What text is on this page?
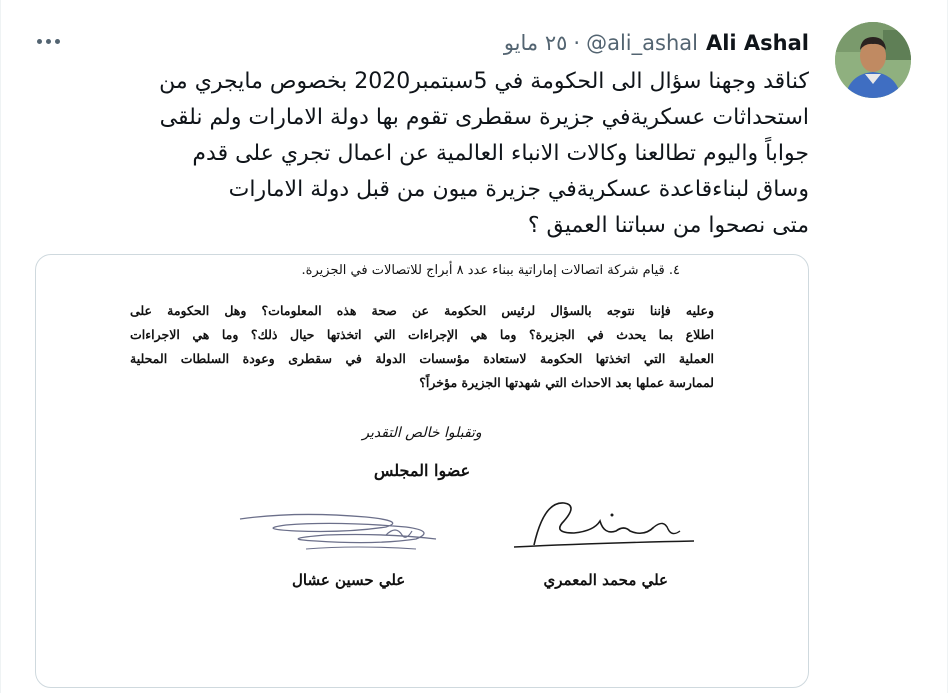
Ali Ashal
@ali_ashal
·
٢٥ مايو
كناقد وجهنا سؤال الى الحكومة في 5سبتمبر2020 بخصوص مايجري من
استحداثات عسكريةفي جزيرة سقطرى تقوم بها دولة الامارات ولم نلقى
جواباً واليوم تطالعنا وكالات الانباء العالمية عن اعمال تجري على قدم
وساق لبناءقاعدة عسكريةفي جزيرة ميون من قبل دولة الامارات
متى نصحوا من سباتنا العميق ؟
٤. قيام شركة اتصالات إماراتية ببناء عدد ٨ أبراج للاتصالات في الجزيرة.
وعليه فإننا نتوجه بالسؤال لرئيس الحكومة عن صحة هذه المعلومات؟ وهل الحكومة على
اطلاع بما يحدث في الجزيرة؟ وما هي الإجراءات التي اتخذتها حيال ذلك؟ وما هي الاجراءات
العملية التي اتخذتها الحكومة لاستعادة مؤسسات الدولة في سقطرى وعودة السلطات المحلية
لممارسة عملها بعد الاحداث التي شهدتها الجزيرة مؤخراً؟
وتقبلوا خالص التقدير
عضوا المجلس
علي محمد المعمري
علي حسين عشال
